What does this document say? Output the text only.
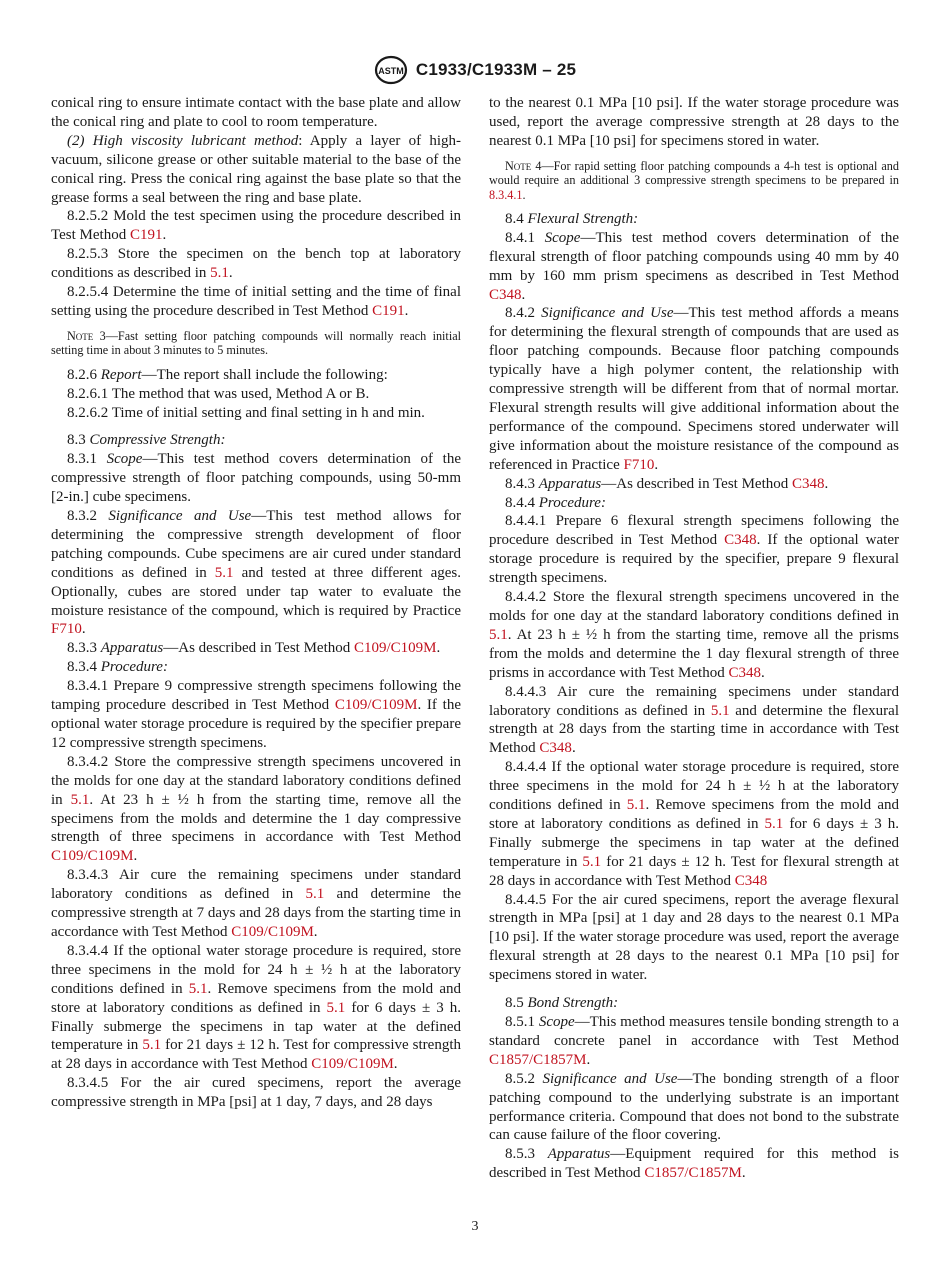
ASTM C1933/C1933M – 25

conical ring to ensure intimate contact with the base plate and allow the conical ring and plate to cool to room temperature.

(2) High viscosity lubricant method: Apply a layer of high-vacuum, silicone grease or other suitable material to the base of the conical ring. Press the conical ring against the base plate so that the grease forms a seal between the ring and base plate.

8.2.5.2 Mold the test specimen using the procedure described in Test Method C191.

8.2.5.3 Store the specimen on the bench top at laboratory conditions as described in 5.1.

8.2.5.4 Determine the time of initial setting and the time of final setting using the procedure described in Test Method C191.

Note 3—Fast setting floor patching compounds will normally reach initial setting time in about 3 minutes to 5 minutes.

8.2.6 Report—The report shall include the following:

8.2.6.1 The method that was used, Method A or B.

8.2.6.2 Time of initial setting and final setting in h and min.

8.3 Compressive Strength:

8.3.1 Scope—This test method covers determination of the compressive strength of floor patching compounds, using 50-mm [2-in.] cube specimens.

8.3.2 Significance and Use—This test method allows for determining the compressive strength development of floor patching compounds. Cube specimens are air cured under standard conditions as defined in 5.1 and tested at three different ages. Optionally, cubes are stored under tap water to evaluate the moisture resistance of the compound, which is required by Practice F710.

8.3.3 Apparatus—As described in Test Method C109/C109M.

8.3.4 Procedure:

8.3.4.1 Prepare 9 compressive strength specimens following the tamping procedure described in Test Method C109/C109M. If the optional water storage procedure is required by the specifier prepare 12 compressive strength specimens.

8.3.4.2 Store the compressive strength specimens uncovered in the molds for one day at the standard laboratory conditions defined in 5.1. At 23 h ± ½ h from the starting time, remove all the specimens from the molds and determine the 1 day compressive strength of three specimens in accordance with Test Method C109/C109M.

8.3.4.3 Air cure the remaining specimens under standard laboratory conditions as defined in 5.1 and determine the compressive strength at 7 days and 28 days from the starting time in accordance with Test Method C109/C109M.

8.3.4.4 If the optional water storage procedure is required, store three specimens in the mold for 24 h ± ½ h at the laboratory conditions defined in 5.1. Remove specimens from the mold and store at laboratory conditions as defined in 5.1 for 6 days ± 3 h. Finally submerge the specimens in tap water at the defined temperature in 5.1 for 21 days ± 12 h. Test for compressive strength at 28 days in accordance with Test Method C109/C109M.

8.3.4.5 For the air cured specimens, report the average compressive strength in MPa [psi] at 1 day, 7 days, and 28 days

to the nearest 0.1 MPa [10 psi]. If the water storage procedure was used, report the average compressive strength at 28 days to the nearest 0.1 MPa [10 psi] for specimens stored in water.

Note 4—For rapid setting floor patching compounds a 4-h test is optional and would require an additional 3 compressive strength specimens to be prepared in 8.3.4.1.

8.4 Flexural Strength:

8.4.1 Scope—This test method covers determination of the flexural strength of floor patching compounds using 40 mm by 40 mm by 160 mm prism specimens as described in Test Method C348.

8.4.2 Significance and Use—This test method affords a means for determining the flexural strength of compounds that are used as floor patching compounds. Because floor patching compounds typically have a high polymer content, the relationship with compressive strength will be different from that of normal mortar. Flexural strength results will give additional information about the performance of the compound. Specimens stored underwater will give information about the moisture resistance of the compound as referenced in Practice F710.

8.4.3 Apparatus—As described in Test Method C348.

8.4.4 Procedure:

8.4.4.1 Prepare 6 flexural strength specimens following the procedure described in Test Method C348. If the optional water storage procedure is required by the specifier, prepare 9 flexural strength specimens.

8.4.4.2 Store the flexural strength specimens uncovered in the molds for one day at the standard laboratory conditions defined in 5.1. At 23 h ± ½ h from the starting time, remove all the prisms from the molds and determine the 1 day flexural strength of three prisms in accordance with Test Method C348.

8.4.4.3 Air cure the remaining specimens under standard laboratory conditions as defined in 5.1 and determine the flexural strength at 28 days from the starting time in accordance with Test Method C348.

8.4.4.4 If the optional water storage procedure is required, store three specimens in the mold for 24 h ± ½ h at the laboratory conditions defined in 5.1. Remove specimens from the mold and store at laboratory conditions as defined in 5.1 for 6 days ± 3 h. Finally submerge the specimens in tap water at the defined temperature in 5.1 for 21 days ± 12 h. Test for flexural strength at 28 days in accordance with Test Method C348

8.4.4.5 For the air cured specimens, report the average flexural strength in MPa [psi] at 1 day and 28 days to the nearest 0.1 MPa [10 psi]. If the water storage procedure was used, report the average flexural strength at 28 days to the nearest 0.1 MPa [10 psi] for specimens stored in water.

8.5 Bond Strength:

8.5.1 Scope—This method measures tensile bonding strength to a standard concrete panel in accordance with Test Method C1857/C1857M.

8.5.2 Significance and Use—The bonding strength of a floor patching compound to the underlying substrate is an important performance criteria. Compound that does not bond to the substrate can cause failure of the floor covering.

8.5.3 Apparatus—Equipment required for this method is described in Test Method C1857/C1857M.

3
